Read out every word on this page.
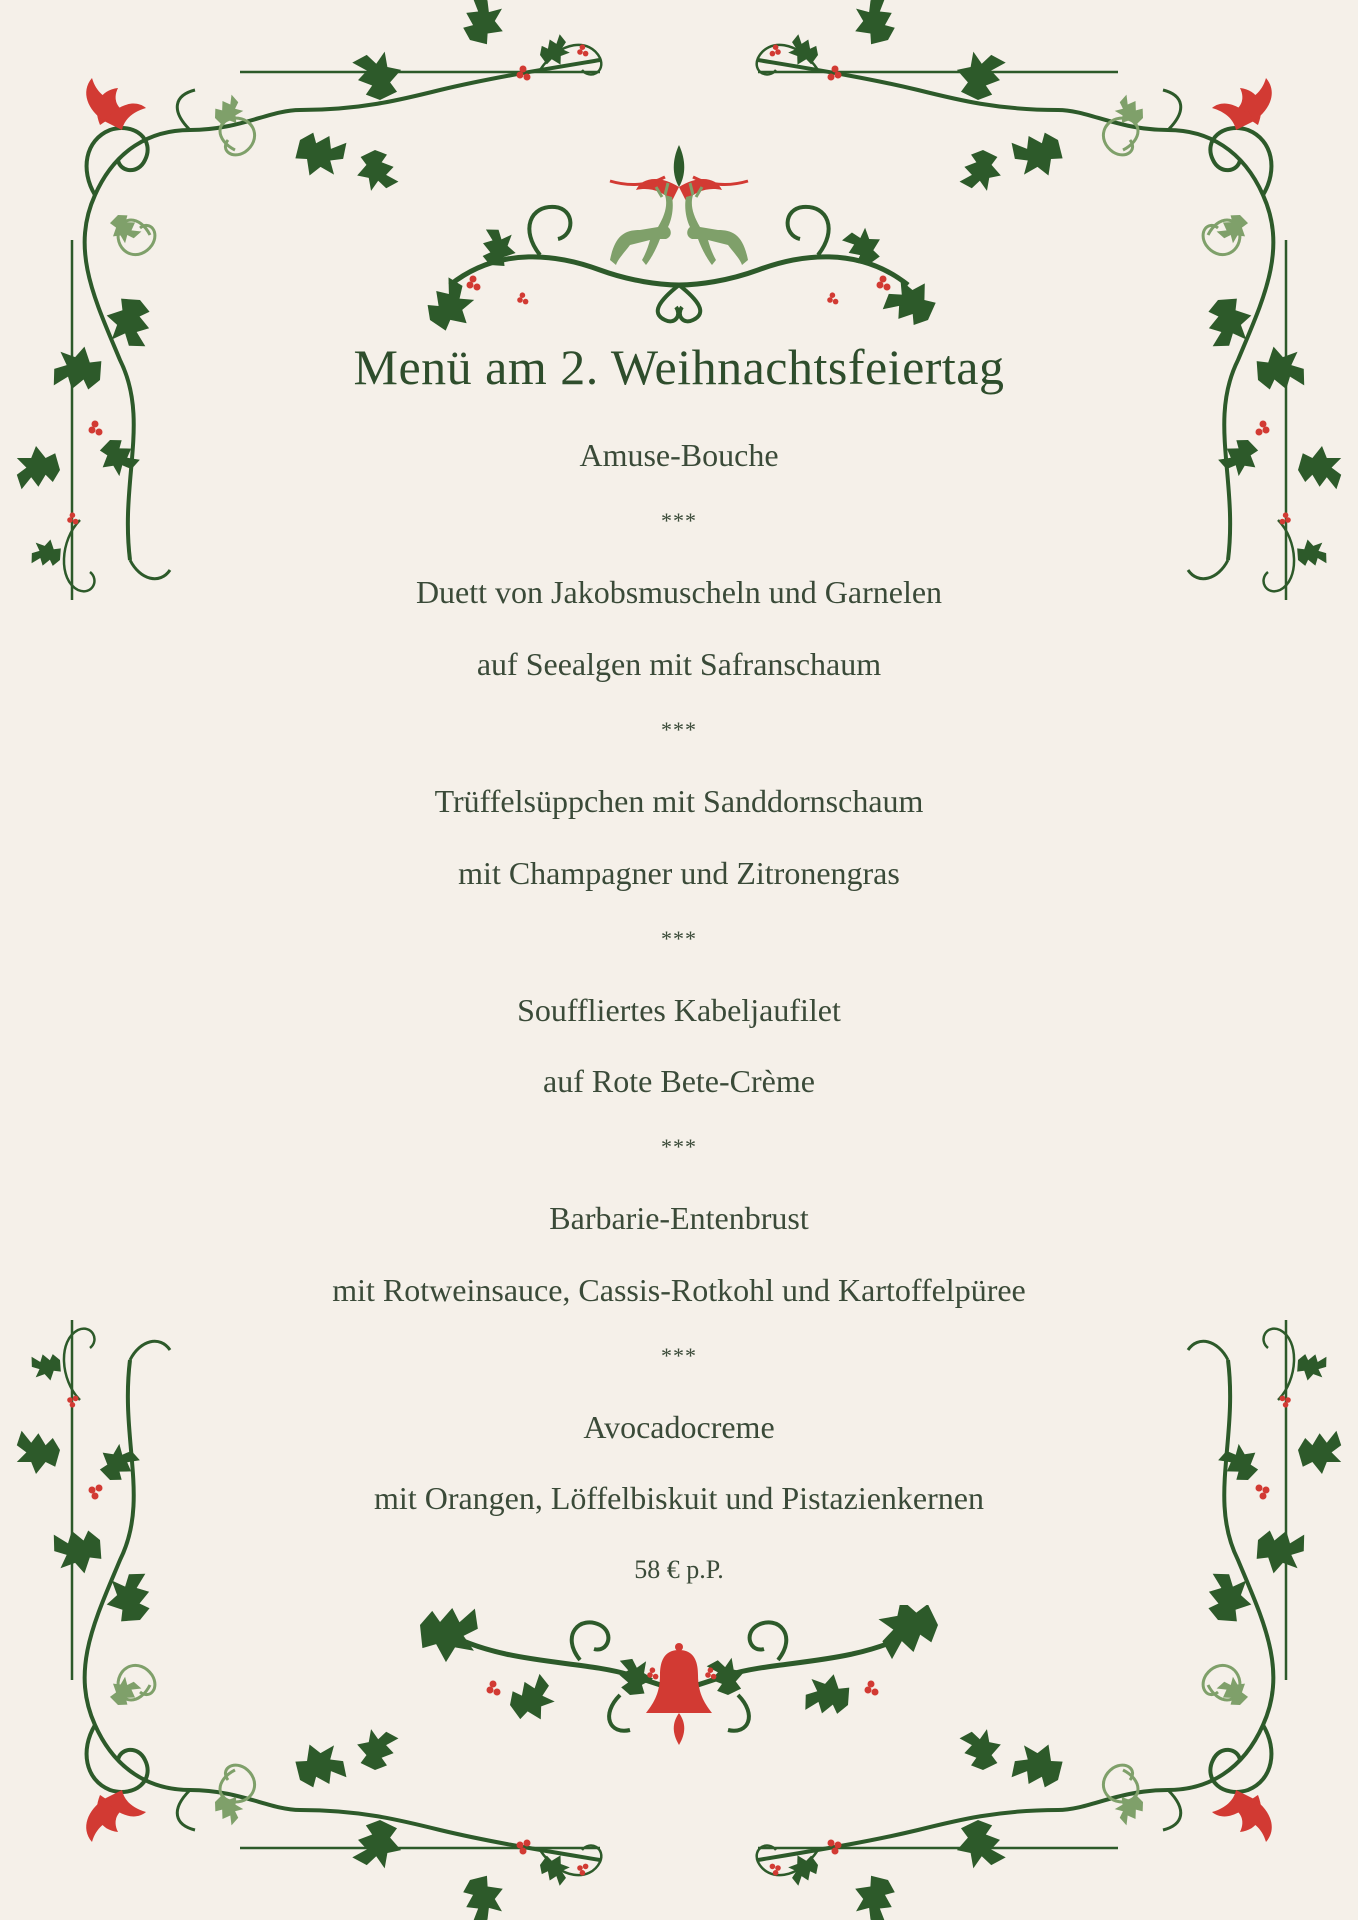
Menü am 2. Weihnachtsfeiertag
Amuse-Bouche
***
Duett von Jakobsmuscheln und Garnelen
auf Seealgen mit Safranschaum
***
Trüffelsüppchen mit Sanddornschaum
mit Champagner und Zitronengras
***
Souffliertes Kabeljaufilet
auf Rote Bete-Crème
***
Barbarie-Entenbrust
mit Rotweinsauce, Cassis-Rotkohl und Kartoffelpüree
***
Avocadocreme
mit Orangen, Löffelbiskuit und Pistazienkernen
58 € p.P.
